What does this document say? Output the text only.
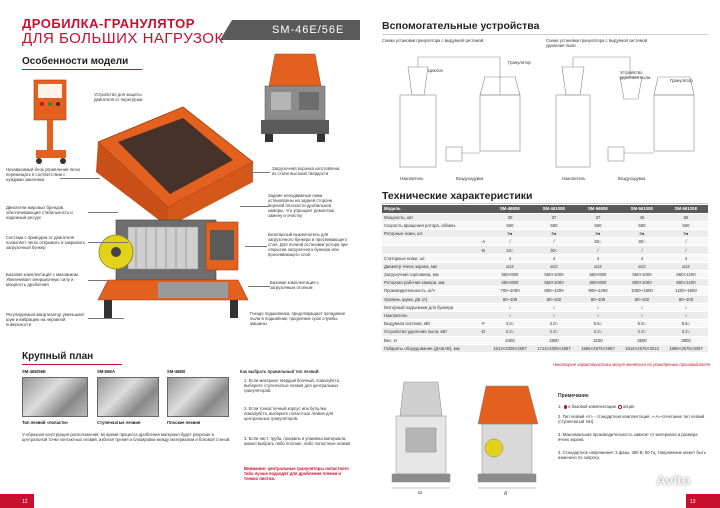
ДРОБИЛКА-ГРАНУЛЯТОР
ДЛЯ БОЛЬШИХ НАГРУЗОК	SM-46E/56E
Особенности модели
Устройство для защиты двигателя от перегрузки
Независимый блок управления легко перемещать в соответствии с нуждами заказчика
Двигатели мировых брендов, обеспечивающие стабильность и надежный ресурс
Система с приводом от двигателя позволяет легко открывать и закрывать загрузочный бункер
Базовая комплектация с маховиком. Увеличивает инерционную силу и мощность дробления
Регулируемый амортизатор уменьшает шум и вибрацию на неровной поверхности
Загрузочная воронка изготовлена из стали высокой твердости
Задние неподвижные ножи установлены на задней стороне верхней плоскости дробильной камеры, что упрощает демонтаж, замену и очистку
Безопасный выключатель для загрузочного бункера и просеивающего слоя. Для полной остановки ротора при открытии загрузочного бункера или просеивающего слоя
Базовая комплектация с загрузочным отсеком
Гнездо подшипника, предотвращает попадание пыли в подшипник, продление срок службы машины
Крупный план
SM-46E/56E	SM-56EA	SM-46EB
Тип лезвий «лопасти»	Ступенчатые лезвия	Плоские лезвия
V-образная конструкция расположения: во время процесса дробления материал будет разрезан в центральной точке контактных лезвий, избегая трения и блокировки между материалом и боковой стеной.
Как выбрать правильный тип лезвий:
1. Если материал твердый блочный, пожалуйста, выберите ступенчатые лезвия для центральных грануляторов.
2. Если тонкостенный корпус или бутылки, пожалуйста, выберите лопастные лезвия для центральных грануляторов.
3. Если лист, труба, профиль и упаковка материала, можно выбрать либо плоские, либо лопастные лезвия.
Внимание: центральные грануляторы лопастного типа лучше подходят для дробления пленки и тонких листов.
12
Вспомогательные устройства
Схема установки гранулятора с выдувной системой	Схема установки гранулятора с выдувной системой удаления пыли
Циклон
Гранулятор
Накопитель	Воздуходувка
Устройство удаления пыли
Гранулятор
Накопитель	Воздуходувка
Технические характеристики
Модель		SM-4680E	SM-46100E	SM-5680E	SM-56100E	SM-56120E
Мощность, квт		30	37	37	45	55
Скорость вращения ротора, об/мин.		560	560	560	560	560
Роторные ножи, шт.		6●	6●	6●	6●	6●
	-A	/	/	30○	39○	/
	-B	24○	30○	/	/	/
Статорные ножи, шт.		4	4	4	4	4
Диаметр ячеек экрана, мм		ø12	ø12	ø12	ø12	ø12
Загрузочная горловина, мм		560×800	560×1000	660×800	660×1000	660×1200
Роторная рабочая камера, мм		660×800	660×1000	800×800	800×1000	800×1200
Производительность, кг/ч		700~1000	800~1200	900~1250	1000~1500	1200~1600
Уровень шума, дБ (А)		90~100	90~100	90~100	90~100	90~100
Моторный подъемник для бункера		○	○	○	○	○
Накопитель		○	○	○	○	○
Выдувная система, кВт	-F	4.0○	4.0○	5.5○	5.5○	5.5○
Устройство удаления пыли, кВт	-D	2.2○	2.2○	2.2○	2.2○	2.2○
Вес, кг		2400	2800	3190	3500	3800
Габариты оборудования (Д×Ш×В), мм		1513×2005×2587	1713×2005×2587	1596×2575×2967	1816×2575×3013	1986×2575×3097
Некоторые характеристики могут меняться по усмотрению производителя
Ш	Д
Примечание
1.  в базовой комплектации опция
2. Тип лезвий «V» - стандартная комплектация, «-A»-сочетание тип лезвий (ступенчатый тип).
3. Максимальная производительность зависит от материала и размера ячеек экрана.
4. Стандартное напряжение: 3 фазы, 380 В, 50 Гц. Напряжение может быть изменено по запросу.
Avito
13
